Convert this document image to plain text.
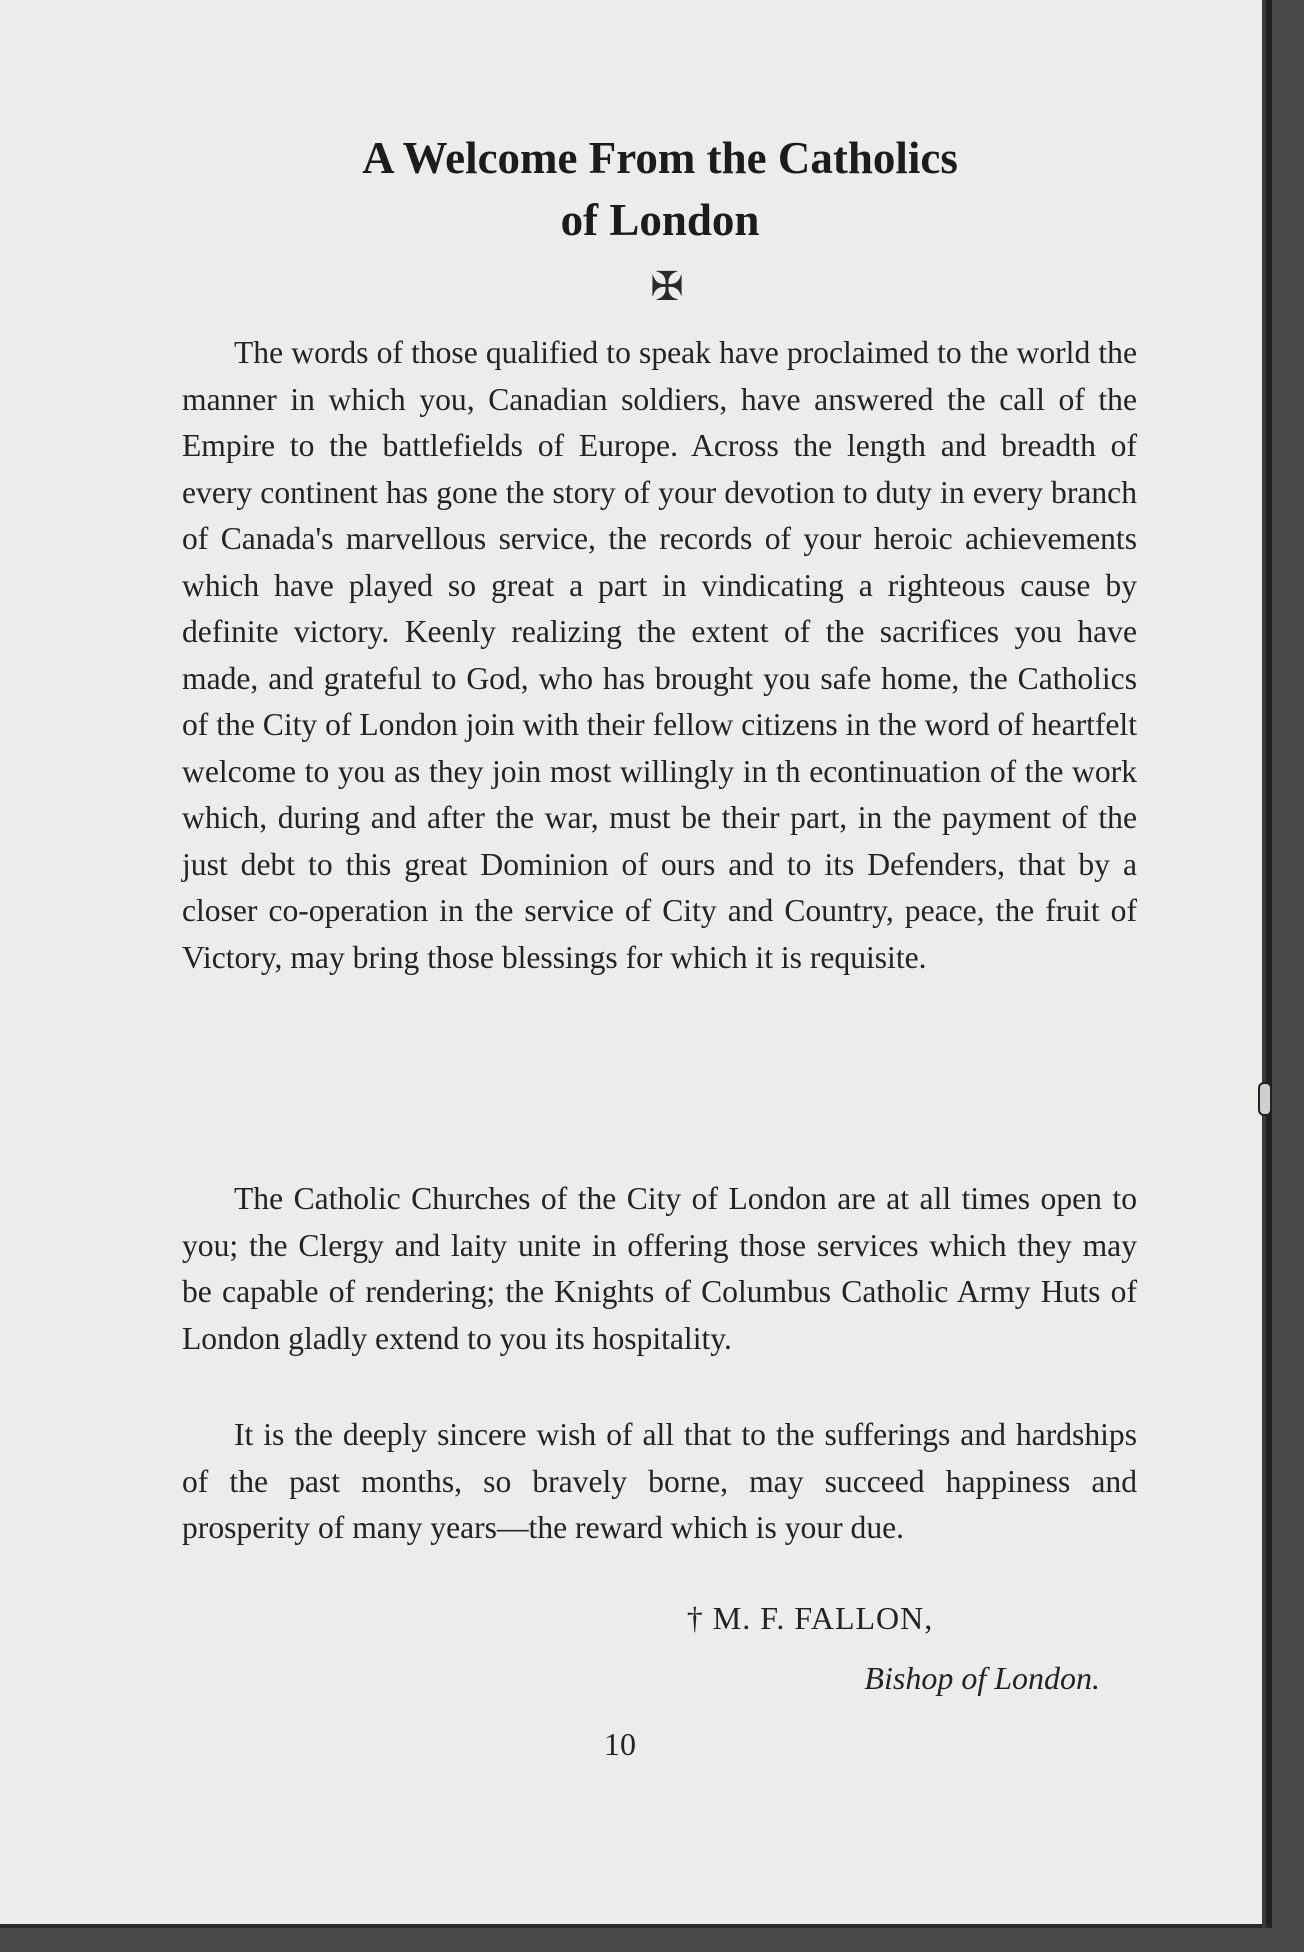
A Welcome From the Catholics
of London
✠

The words of those qualified to speak have proclaimed to the world the manner in which you, Canadian soldiers, have answered the call of the Empire to the battlefields of Europe. Across the length and breadth of every continent has gone the story of your devotion to duty in every branch of Canada's marvellous service, the records of your heroic achievements which have played so great a part in vindicating a righteous cause by definite victory. Keenly realizing the extent of the sacrifices you have made, and grateful to God, who has brought you safe home, the Catholics of the City of London join with their fellow citizens in the word of heartfelt welcome to you as they join most willingly in th econtinuation of the work which, during and after the war, must be their part, in the payment of the just debt to this great Dominion of ours and to its Defenders, that by a closer co-operation in the service of City and Country, peace, the fruit of Victory, may bring those blessings for which it is requisite.

The Catholic Churches of the City of London are at all times open to you; the Clergy and laity unite in offering those services which they may be capable of rendering; the Knights of Columbus Catholic Army Huts of London gladly extend to you its hospitality.

It is the deeply sincere wish of all that to the sufferings and hardships of the past months, so bravely borne, may succeed happiness and prosperity of many years—the reward which is your due.

† M. F. FALLON,
Bishop of London.
10
